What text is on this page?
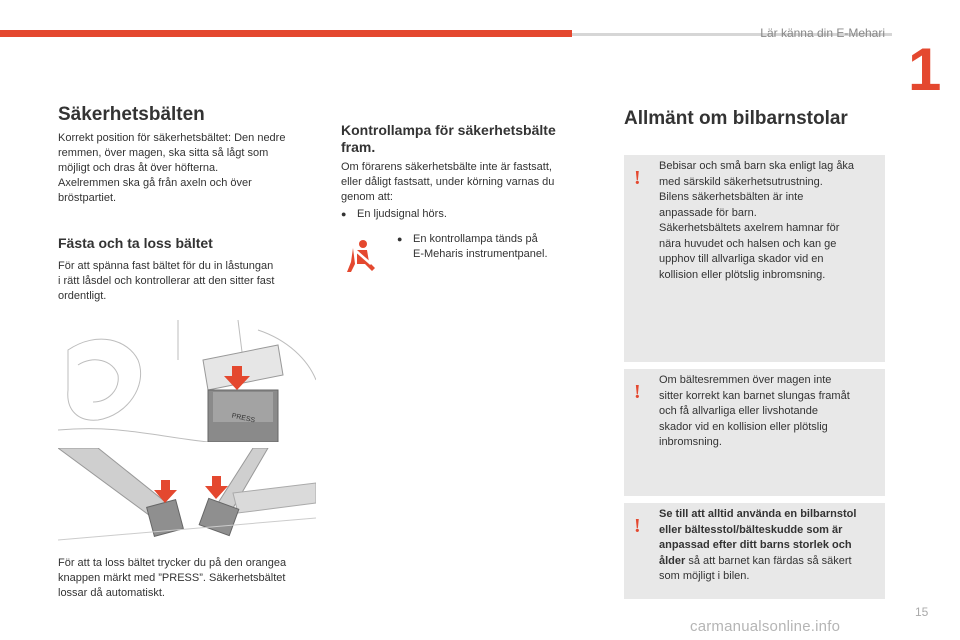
Lär känna din E-Mehari
1
Säkerhetsbälten

Korrekt position för säkerhetsbältet: Den nedre
remmen, över magen, ska sitta så lågt som
möjligt och dras åt över höfterna.
Axelremmen ska gå från axeln och över
bröstpartiet.

Fästa och ta loss bältet

För att spänna fast bältet för du in låstungan
i rätt låsdel och kontrollerar att den sitter fast
ordentligt.

PRESS

För att ta loss bältet trycker du på den orangea
knappen märkt med ”PRESS”. Säkerhetsbältet
lossar då automatiskt.

Kontrollampa för säkerhetsbälte
fram.

Om förarens säkerhetsbälte inte är fastsatt,
eller dåligt fastsatt, under körning varnas du
genom att:

● En ljudsignal hörs.

● En kontrollampa tänds på
E-Meharis instrumentpanel.

Allmänt om bilbarnstolar
!
Bebisar och små barn ska enligt lag åka
med särskild säkerhetsutrustning.
Bilens säkerhetsbälten är inte
anpassade för barn.
Säkerhetsbältets axelrem hamnar för
nära huvudet och halsen och kan ge
upphov till allvarliga skador vid en
kollision eller plötslig inbromsning.
!
Om bältesremmen över magen inte
sitter korrekt kan barnet slungas framåt
och få allvarliga eller livshotande
skador vid en kollision eller plötslig
inbromsning.
!
Se till att alltid använda en bilbarnstol
eller bältesstol/bälteskudde som är
anpassad efter ditt barns storlek och
ålder så att barnet kan färdas så säkert
som möjligt i bilen.
15
carmanualsonline.info
